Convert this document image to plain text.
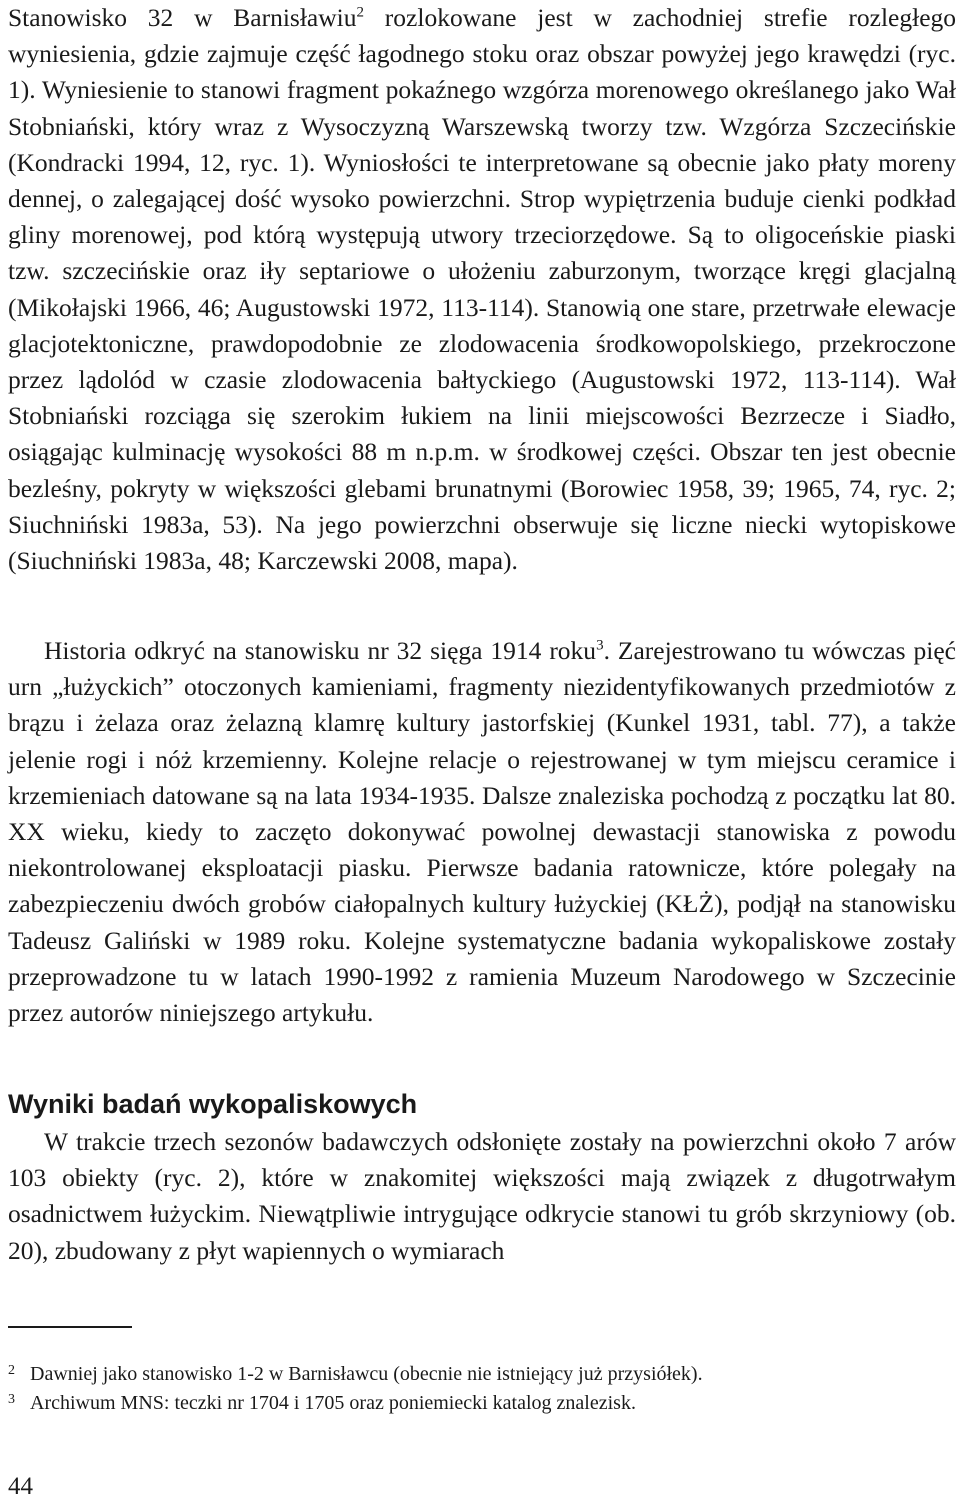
Stanowisko 32 w Barnisławiu$^2$ rozlokowane jest w zachodniej strefie rozległego wyniesienia, gdzie zajmuje część łagodnego stoku oraz obszar powyżej jego krawędzi (ryc. 1). Wyniesienie to stanowi fragment pokaźnego wzgórza morenowego określanego jako Wał Stobniański, który wraz z Wysoczyzną Warszewską tworzy tzw. Wzgórza Szczecińskie (Kondracki 1994, 12, ryc. 1). Wyniosłości te interpretowane są obecnie jako płaty moreny dennej, o zalegającej dość wysoko powierzchni. Strop wypiętrzenia buduje cienki podkład gliny morenowej, pod którą występują utwory trzeciorzędowe. Są to oligoceńskie piaski tzw. szczecińskie oraz iły septariowe o ułożeniu zaburzonym, tworzące kręgi glacjalną (Mikołajski 1966, 46; Augustowski 1972, 113-114). Stanowią one stare, przetrwałe elewacje glacjotektoniczne, prawdopodobnie ze zlodowacenia środkowopolskiego, przekroczone przez lądolód w czasie zlodowacenia bałtyckiego (Augustowski 1972, 113-114). Wał Stobniański rozciąga się szerokim łukiem na linii miejscowości Bezrzecze i Siadło, osiągając kulminację wysokości 88 m n.p.m. w środkowej części. Obszar ten jest obecnie bezleśny, pokryty w większości glebami brunatnymi (Borowiec 1958, 39; 1965, 74, ryc. 2; Siuchniński 1983a, 53). Na jego powierzchni obserwuje się liczne niecki wytopiskowe (Siuchniński 1983a, 48; Karczewski 2008, mapa).

Historia odkryć na stanowisku nr 32 sięga 1914 roku$^3$. Zarejestrowano tu wówczas pięć urn „łużyckich” otoczonych kamieniami, fragmenty niezidentyfikowanych przedmiotów z brązu i żelaza oraz żelazną klamrę kultury jastorfskiej (Kunkel 1931, tabl. 77), a także jelenie rogi i nóż krzemienny. Kolejne relacje o rejestrowanej w tym miejscu ceramice i krzemieniach datowane są na lata 1934-1935. Dalsze znaleziska pochodzą z początku lat 80. XX wieku, kiedy to zaczęto dokonywać powolnej dewastacji stanowiska z powodu niekontrolowanej eksploatacji piasku. Pierwsze badania ratownicze, które polegały na zabezpieczeniu dwóch grobów ciałopalnych kultury łużyckiej (KŁŻ), podjął na stanowisku Tadeusz Galiński w 1989 roku. Kolejne systematyczne badania wykopaliskowe zostały przeprowadzone tu w latach 1990-1992 z ramienia Muzeum Narodowego w Szczecinie przez autorów niniejszego artykułu.

Wyniki badań wykopaliskowych

W trakcie trzech sezonów badawczych odsłonięte zostały na powierzchni około 7 arów 103 obiekty (ryc. 2), które w znakomitej większości mają związek z długotrwałym osadnictwem łużyckim. Niewątpliwie intrygujące odkrycie stanowi tu grób skrzyniowy (ob. 20), zbudowany z płyt wapiennych o wymiarach

2 Dawniej jako stanowisko 1-2 w Barnisławcu (obecnie nie istniejący już przysiółek).
3 Archiwum MNS: teczki nr 1704 i 1705 oraz poniemiecki katalog znalezisk.
44
